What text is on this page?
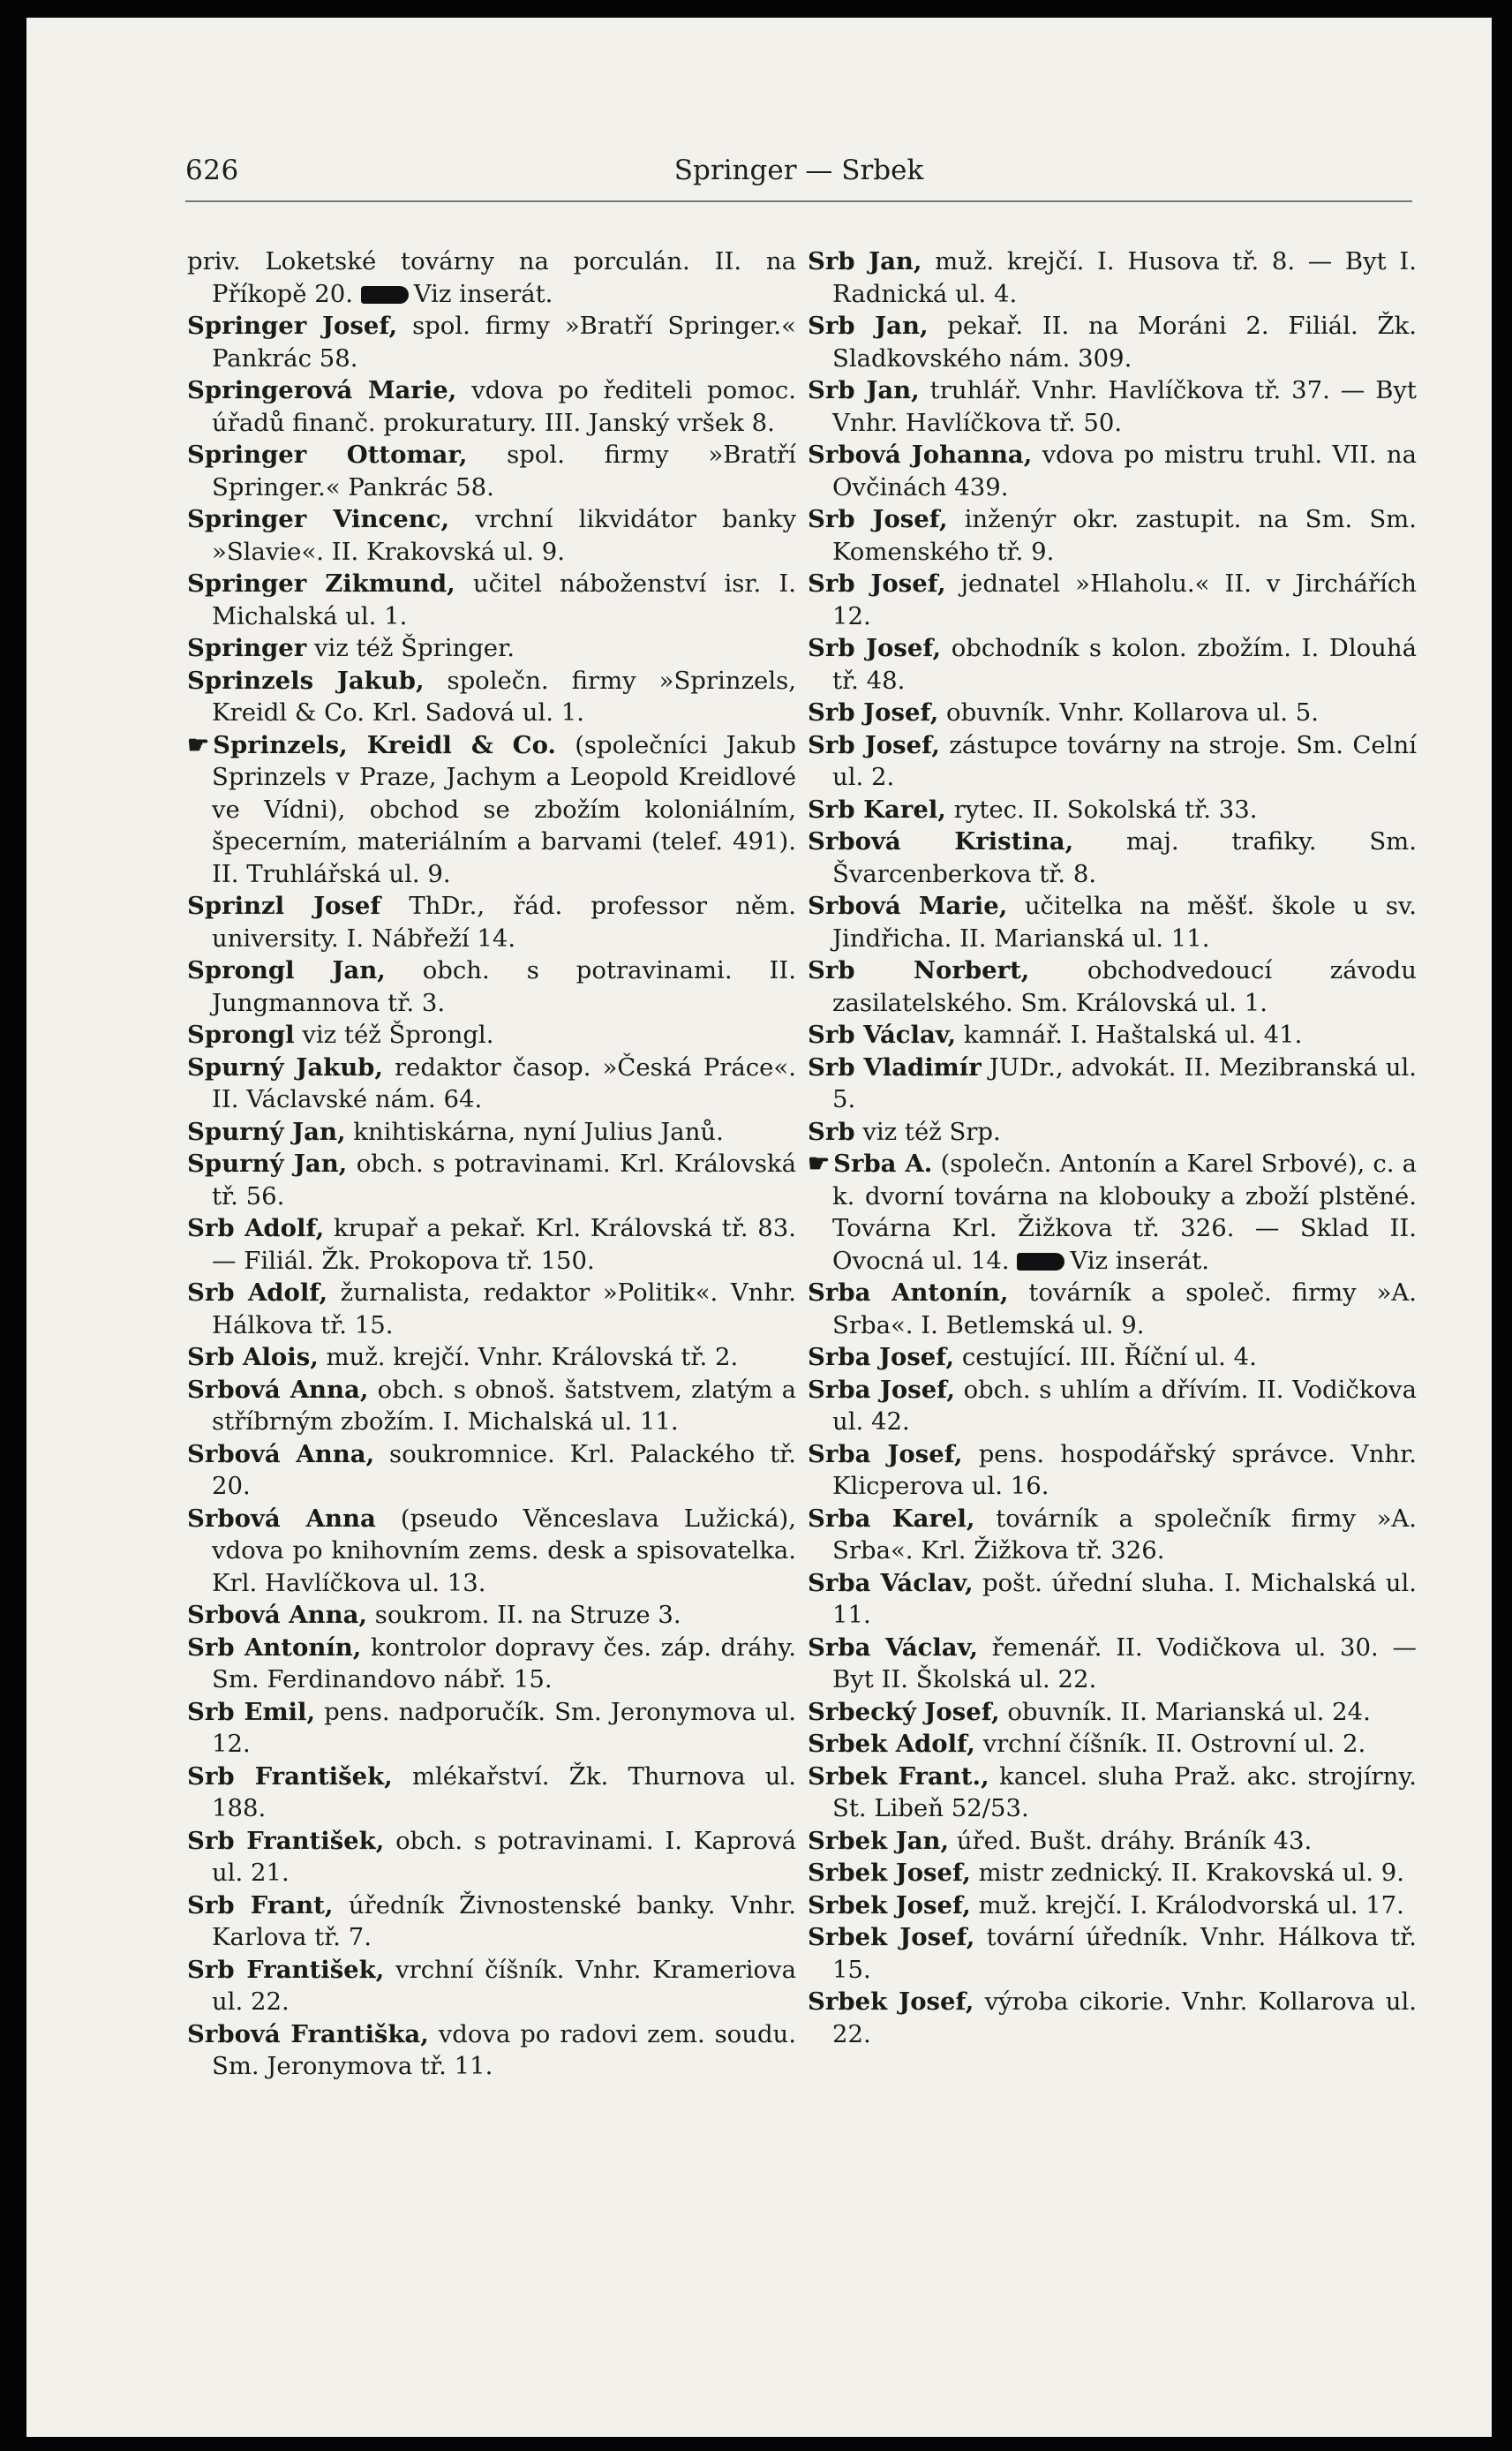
626	Springer — Srbek

priv. Loketské továrny na porculán. II. na Příkopě 20.	Viz inserát.

Springer Josef, spol. firmy »Bratří Springer.« Pankrác 58.

Springerová Marie, vdova po řediteli pomoc. úřadů finanč. prokuratury. III. Janský vršek 8.

Springer Ottomar, spol. firmy »Bratří Springer.« Pankrác 58.

Springer Vincenc, vrchní likvidátor banky »Slavie«. II. Krakovská ul. 9.

Springer Zikmund, učitel náboženství isr. I. Michalská ul. 1.

Springer viz též Špringer.

Sprinzels Jakub, společn. firmy »Sprinzels, Kreidl & Co. Krl. Sadová ul. 1.

☛ Sprinzels, Kreidl & Co. (společníci Jakub Sprinzels v Praze, Jachym a Leopold Kreidlové ve Vídni), obchod se zbožím koloniálním, špecerním, materiálním a barvami (telef. 491). II. Truhlářská ul. 9.

Sprinzl Josef ThDr., řád. professor něm. university. I. Nábřeží 14.

Sprongl Jan, obch. s potravinami. II. Jungmannova tř. 3.

Sprongl viz též Šprongl.

Spurný Jakub, redaktor časop. »Česká Práce«. II. Václavské nám. 64.

Spurný Jan, knihtiskárna, nyní Julius Janů.

Spurný Jan, obch. s potravinami. Krl. Královská tř. 56.

Srb Adolf, krupař a pekař. Krl. Královská tř. 83. — Filiál. Žk. Prokopova tř. 150.

Srb Adolf, žurnalista, redaktor »Politik«. Vnhr. Hálkova tř. 15.

Srb Alois, muž. krejčí. Vnhr. Královská tř. 2.

Srbová Anna, obch. s obnoš. šatstvem, zlatým a stříbrným zbožím. I. Michalská ul. 11.

Srbová Anna, soukromnice. Krl. Palackého tř. 20.

Srbová Anna (pseudo Věnceslava Lužická), vdova po knihovním zems. desk a spisovatelka. Krl. Havlíčkova ul. 13.

Srbová Anna, soukrom. II. na Struze 3.

Srb Antonín, kontrolor dopravy čes. záp. dráhy. Sm. Ferdinandovo nábř. 15.

Srb Emil, pens. nadporučík. Sm. Jeronymova ul. 12.

Srb František, mlékařství. Žk. Thurnova ul. 188.

Srb František, obch. s potravinami. I. Kaprová ul. 21.

Srb Frant, úředník Živnostenské banky. Vnhr. Karlova tř. 7.

Srb František, vrchní číšník. Vnhr. Krameriova ul. 22.

Srbová Františka, vdova po radovi zem. soudu. Sm. Jeronymova tř. 11.

Srb Jan, muž. krejčí. I. Husova tř. 8. — Byt I. Radnická ul. 4.

Srb Jan, pekař. II. na Moráni 2. Filiál. Žk. Sladkovského nám. 309.

Srb Jan, truhlář. Vnhr. Havlíčkova tř. 37. — Byt Vnhr. Havlíčkova tř. 50.

Srbová Johanna, vdova po mistru truhl. VII. na Ovčinách 439.

Srb Josef, inženýr okr. zastupit. na Sm. Sm. Komenského tř. 9.

Srb Josef, jednatel »Hlaholu.« II. v Jirchářích 12.

Srb Josef, obchodník s kolon. zbožím. I. Dlouhá tř. 48.

Srb Josef, obuvník. Vnhr. Kollarova ul. 5.

Srb Josef, zástupce továrny na stroje. Sm. Celní ul. 2.

Srb Karel, rytec. II. Sokolská tř. 33.

Srbová Kristina, maj. trafiky. Sm. Švarcenberkova tř. 8.

Srbová Marie, učitelka na měšť. škole u sv. Jindřicha. II. Marianská ul. 11.

Srb Norbert, obchodvedoucí závodu zasilatelského. Sm. Královská ul. 1.

Srb Václav, kamnář. I. Haštalská ul. 41.

Srb Vladimír JUDr., advokát. II. Mezibranská ul. 5.

Srb viz též Srp.

☛ Srba A. (společn. Antonín a Karel Srbové), c. a k. dvorní továrna na klobouky a zboží plstěné. Továrna Krl. Žižkova tř. 326. — Sklad II. Ovocná ul. 14.	Viz inserát.

Srba Antonín, továrník a společ. firmy »A. Srba«. I. Betlemská ul. 9.

Srba Josef, cestující. III. Říční ul. 4.

Srba Josef, obch. s uhlím a dřívím. II. Vodičkova ul. 42.

Srba Josef, pens. hospodářský správce. Vnhr. Klicperova ul. 16.

Srba Karel, továrník a společník firmy »A. Srba«. Krl. Žižkova tř. 326.

Srba Václav, pošt. úřední sluha. I. Michalská ul. 11.

Srba Václav, řemenář. II. Vodičkova ul. 30. — Byt II. Školská ul. 22.

Srbecký Josef, obuvník. II. Marianská ul. 24.

Srbek Adolf, vrchní číšník. II. Ostrovní ul. 2.

Srbek Frant., kancel. sluha Praž. akc. strojírny. St. Libeň 52/53.

Srbek Jan, úřed. Bušt. dráhy. Bráník 43.

Srbek Josef, mistr zednický. II. Krakovská ul. 9.

Srbek Josef, muž. krejčí. I. Králodvorská ul. 17.

Srbek Josef, tovární úředník. Vnhr. Hálkova tř. 15.

Srbek Josef, výroba cikorie. Vnhr. Kollarova ul. 22.
